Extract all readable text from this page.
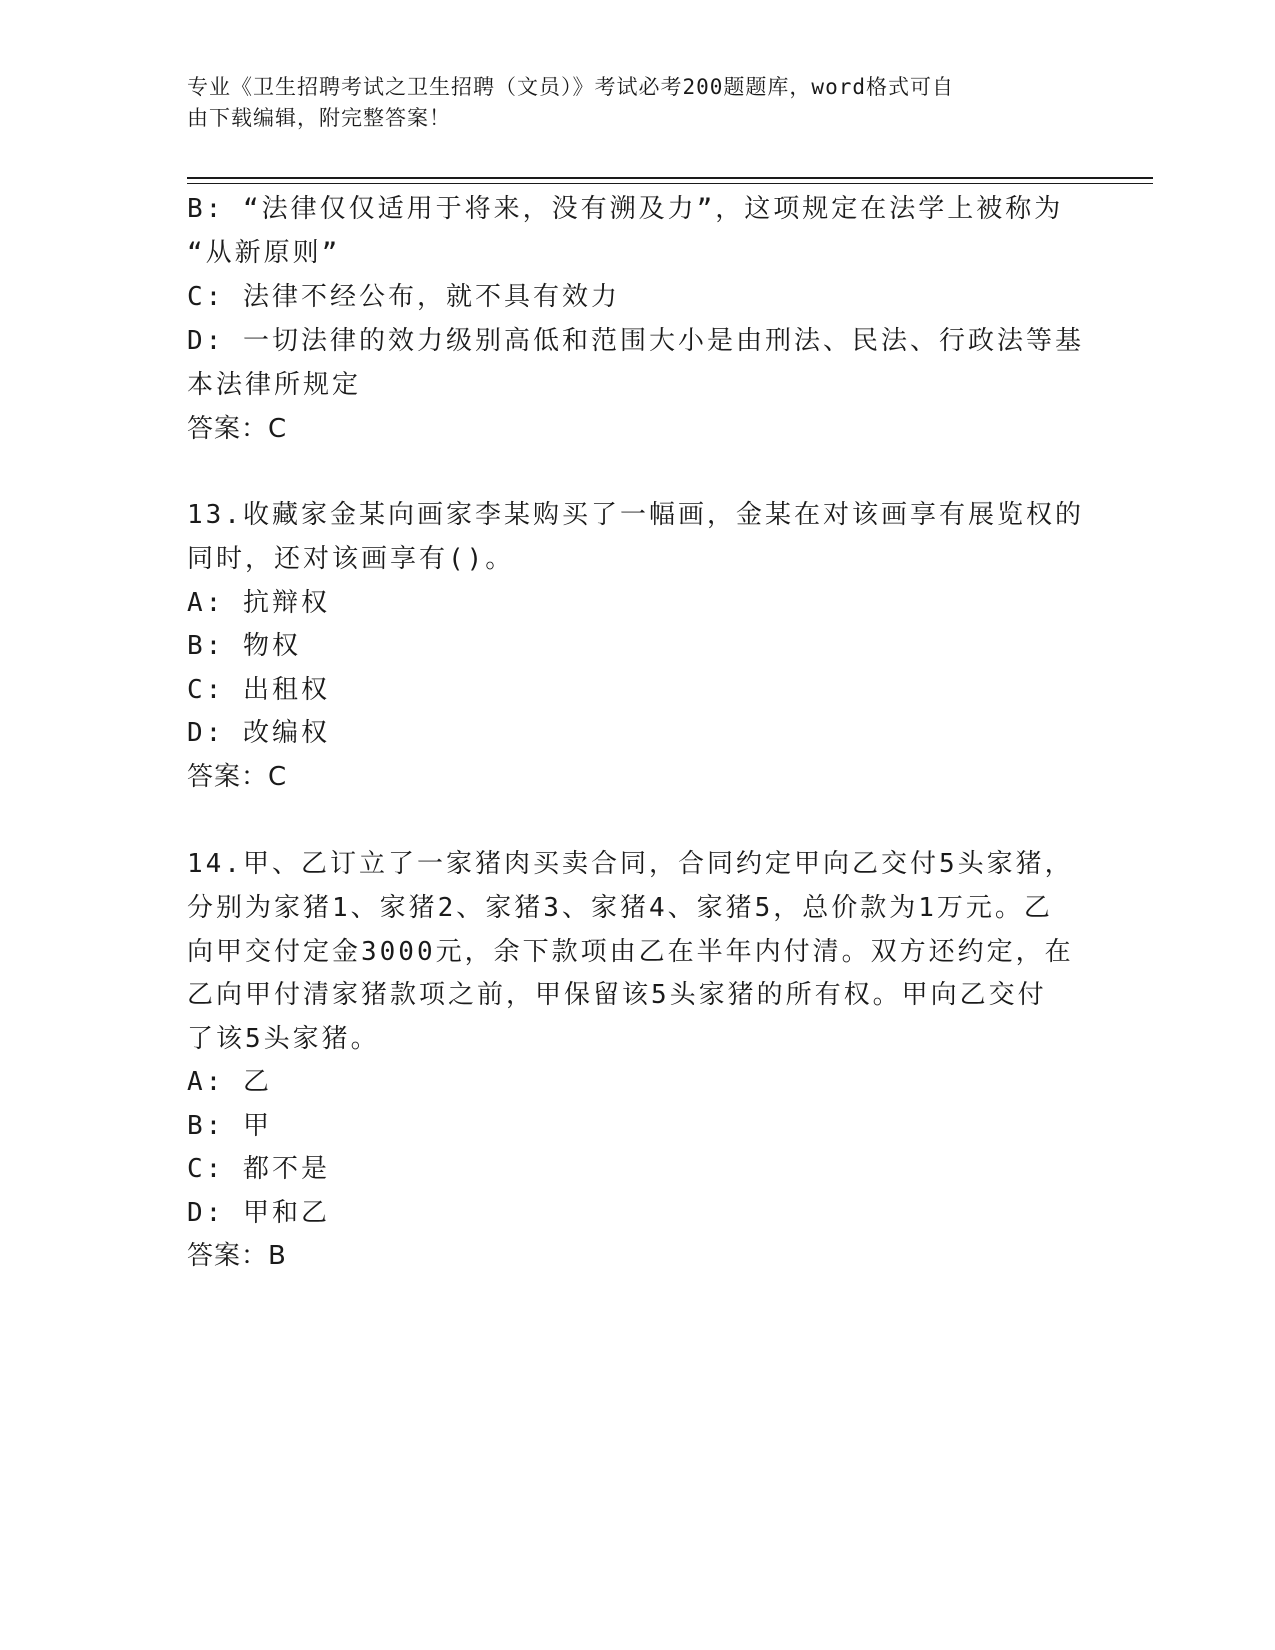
专业《卫生招聘考试之卫生招聘（文员）》考试必考200题题库，word格式可自
由下载编辑，附完整答案！
B: “法律仅仅适用于将来，没有溯及力”，这项规定在法学上被称为
“从新原则”
C: 法律不经公布，就不具有效力
D: 一切法律的效力级别高低和范围大小是由刑法、民法、行政法等基
本法律所规定
答案：C
13.收藏家金某向画家李某购买了一幅画，金某在对该画享有展览权的
同时，还对该画享有()。
A: 抗辩权
B: 物权
C: 出租权
D: 改编权
答案：C
14.甲、乙订立了一家猪肉买卖合同，合同约定甲向乙交付5头家猪，
分别为家猪1、家猪2、家猪3、家猪4、家猪5，总价款为1万元。乙
向甲交付定金3000元，余下款项由乙在半年内付清。双方还约定，在
乙向甲付清家猪款项之前，甲保留该5头家猪的所有权。甲向乙交付
了该5头家猪。
A: 乙
B: 甲
C: 都不是
D: 甲和乙
答案：B
